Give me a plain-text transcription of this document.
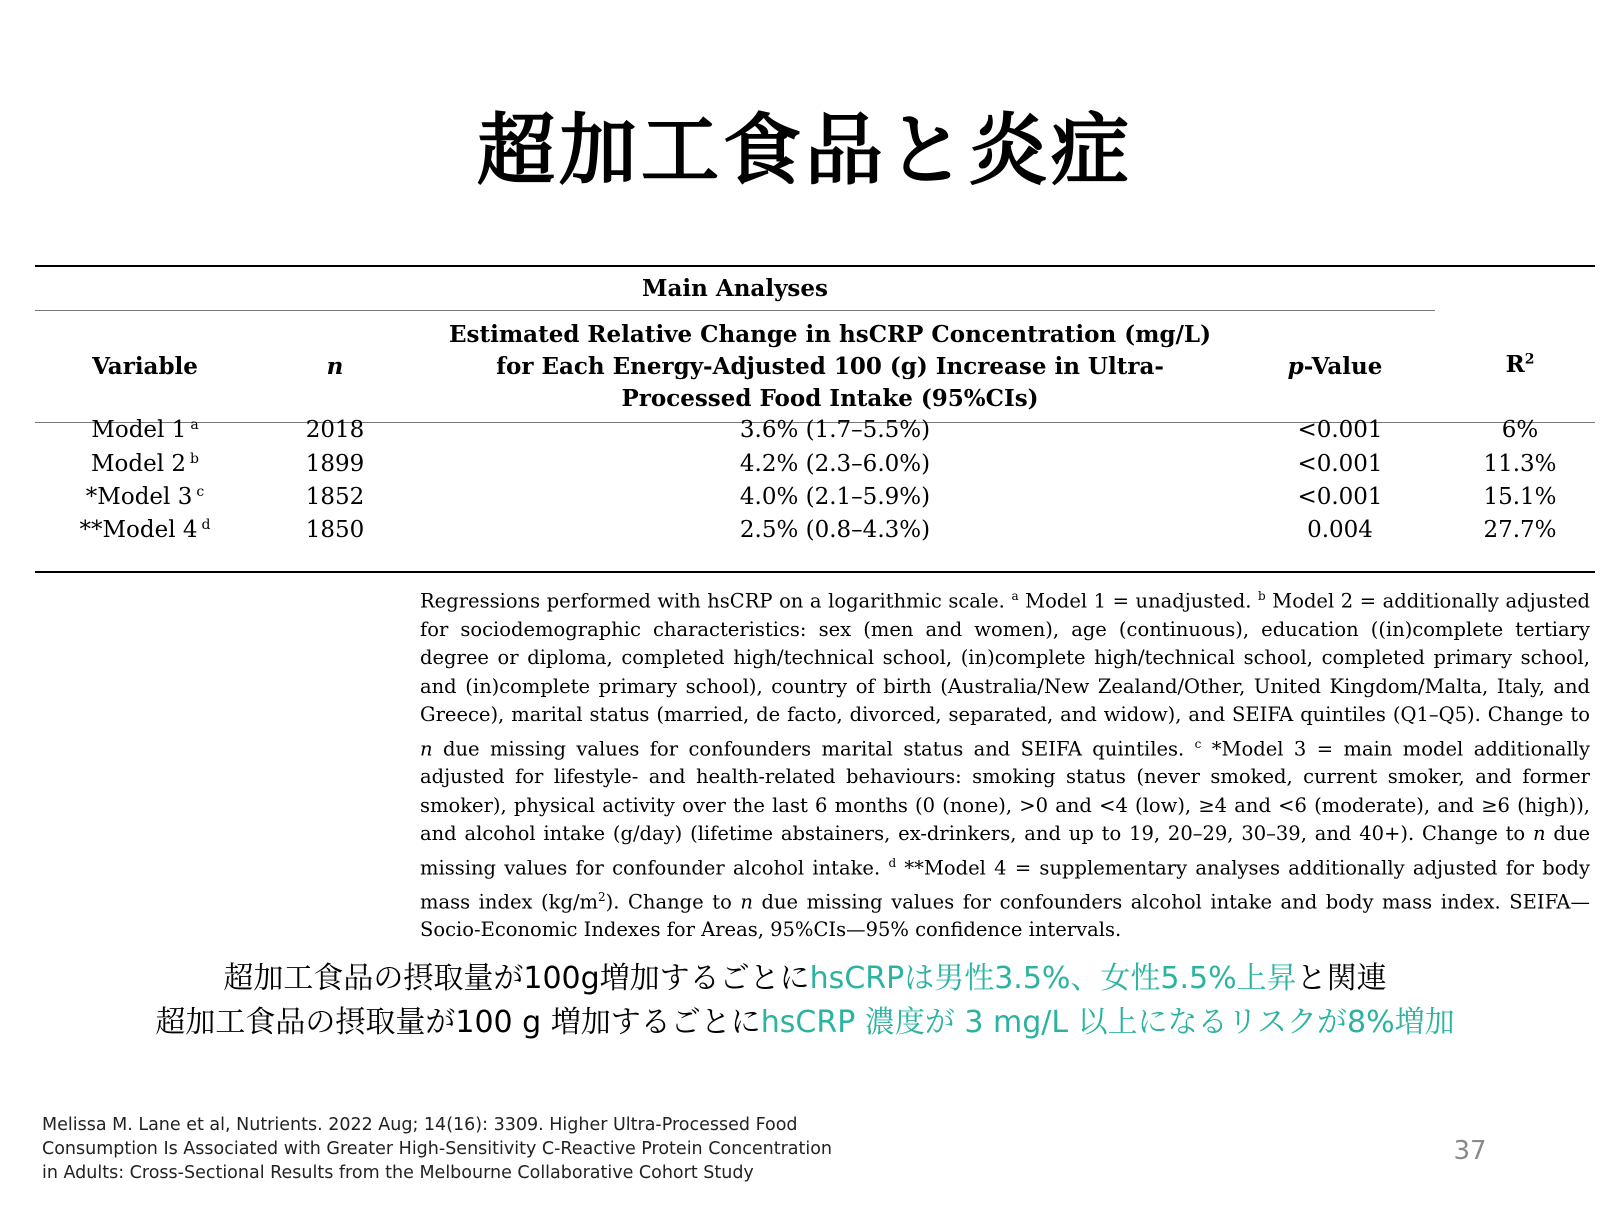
超加工食品と炎症
Main Analyses
Variable	n
Estimated Relative Change in hsCRP Concentration (mg/L) for Each Energy-Adjusted 100 (g) Increase in Ultra-Processed Food Intake (95%CIs)
p-Value	$R^2$
Model 1 $^a$	2018	3.6% (1.7–5.5%)	<0.001	6%
Model 2 $^b$	1899	4.2% (2.3–6.0%)	<0.001	11.3%
*Model 3 $^c$	1852	4.0% (2.1–5.9%)	<0.001	15.1%
**Model 4 $^d$	1850	2.5% (0.8–4.3%)	0.004	27.7%
Regressions performed with hsCRP on a logarithmic scale. $^a$ Model 1 = unadjusted. $^b$ Model 2 = additionally adjusted for sociodemographic characteristics: sex (men and women), age (continuous), education ((in)complete tertiary degree or diploma, completed high/technical school, (in)complete high/technical school, completed primary school, and (in)complete primary school), country of birth (Australia/New Zealand/Other, United Kingdom/Malta, Italy, and Greece), marital status (married, de facto, divorced, separated, and widow), and SEIFA quintiles (Q1–Q5). Change to n due missing values for confounders marital status and SEIFA quintiles. $^c$ *Model 3 = main model additionally adjusted for lifestyle- and health-related behaviours: smoking status (never smoked, current smoker, and former smoker), physical activity over the last 6 months (0 (none), >0 and <4 (low), ≥4 and <6 (moderate), and ≥6 (high)), and alcohol intake (g/day) (lifetime abstainers, ex-drinkers, and up to 19, 20–29, 30–39, and 40+). Change to n due missing values for confounder alcohol intake. $^d$ **Model 4 = supplementary analyses additionally adjusted for body mass index $(kg/m^2)$. Change to n due missing values for confounders alcohol intake and body mass index. SEIFA—Socio-Economic Indexes for Areas, 95%CIs—95% confidence intervals.
超加工食品の摂取量が100g増加するごとにhsCRPは男性3.5%、女性5.5%上昇と関連
超加工食品の摂取量が100 g 増加するごとにhsCRP 濃度が 3 mg/L 以上になるリスクが8%増加
Melissa M. Lane et al, Nutrients. 2022 Aug; 14(16): 3309. Higher Ultra-Processed Food
Consumption Is Associated with Greater High-Sensitivity C-Reactive Protein Concentration
in Adults: Cross-Sectional Results from the Melbourne Collaborative Cohort Study
37
